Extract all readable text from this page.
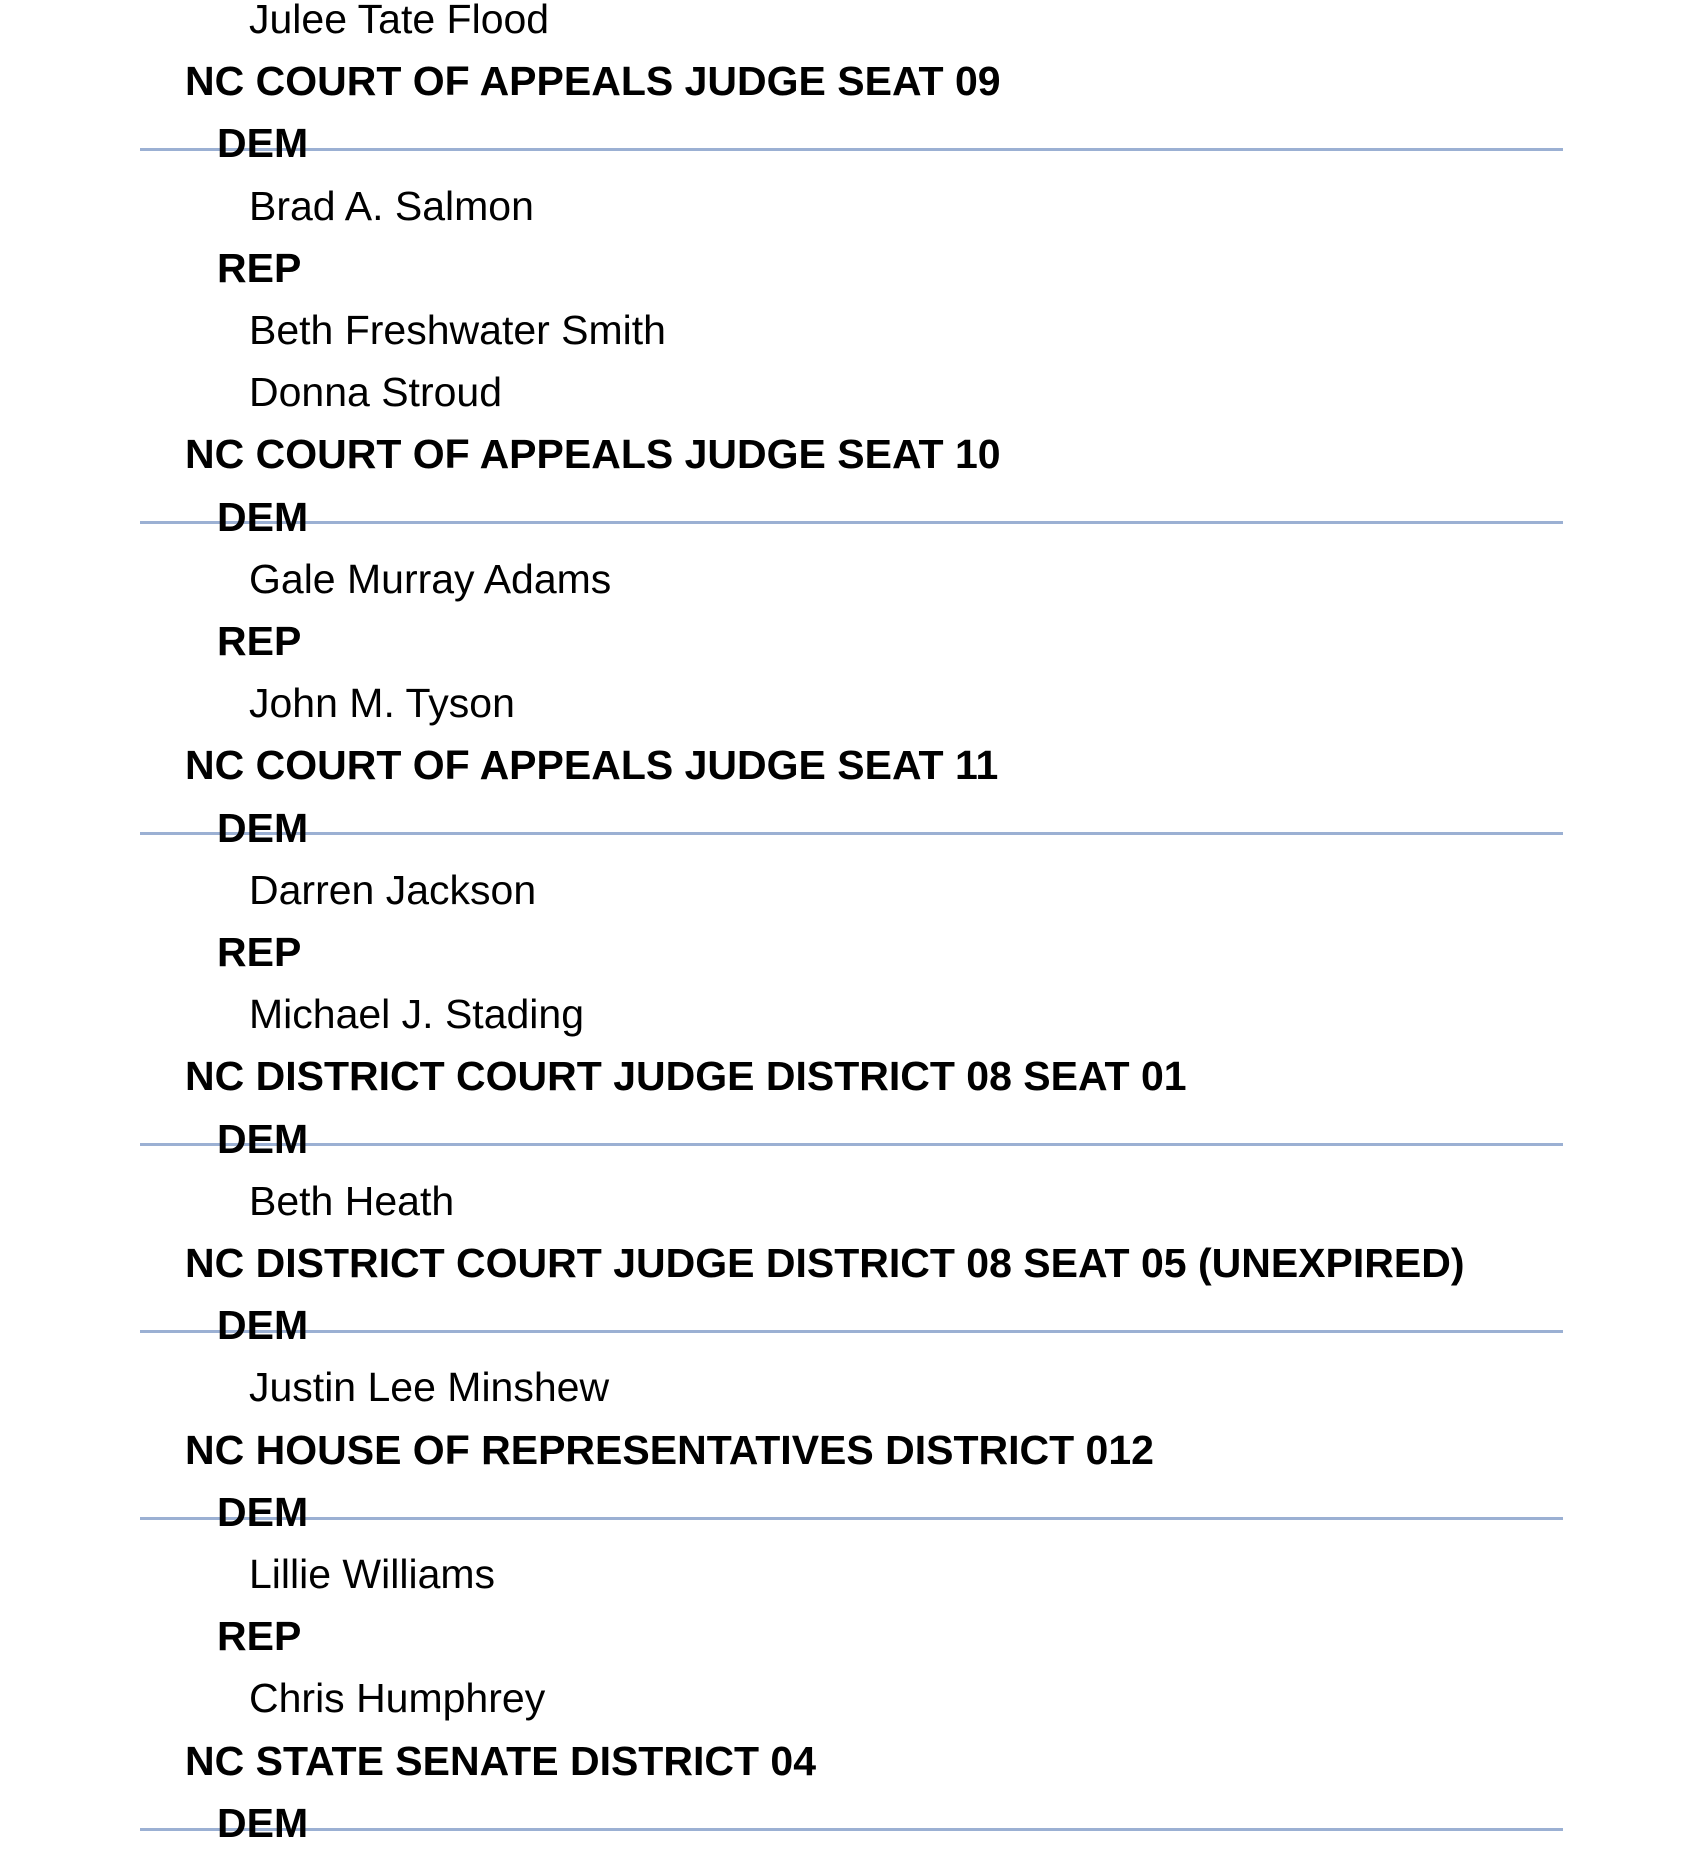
Julee Tate Flood
NC COURT OF APPEALS JUDGE SEAT 09
DEM
Brad A. Salmon
REP
Beth Freshwater Smith
Donna Stroud
NC COURT OF APPEALS JUDGE SEAT 10
DEM
Gale Murray Adams
REP
John M. Tyson
NC COURT OF APPEALS JUDGE SEAT 11
DEM
Darren Jackson
REP
Michael J. Stading
NC DISTRICT COURT JUDGE DISTRICT 08 SEAT 01
DEM
Beth Heath
NC DISTRICT COURT JUDGE DISTRICT 08 SEAT 05 (UNEXPIRED)
DEM
Justin Lee Minshew
NC HOUSE OF REPRESENTATIVES DISTRICT 012
DEM
Lillie Williams
REP
Chris Humphrey
NC STATE SENATE DISTRICT 04
DEM
